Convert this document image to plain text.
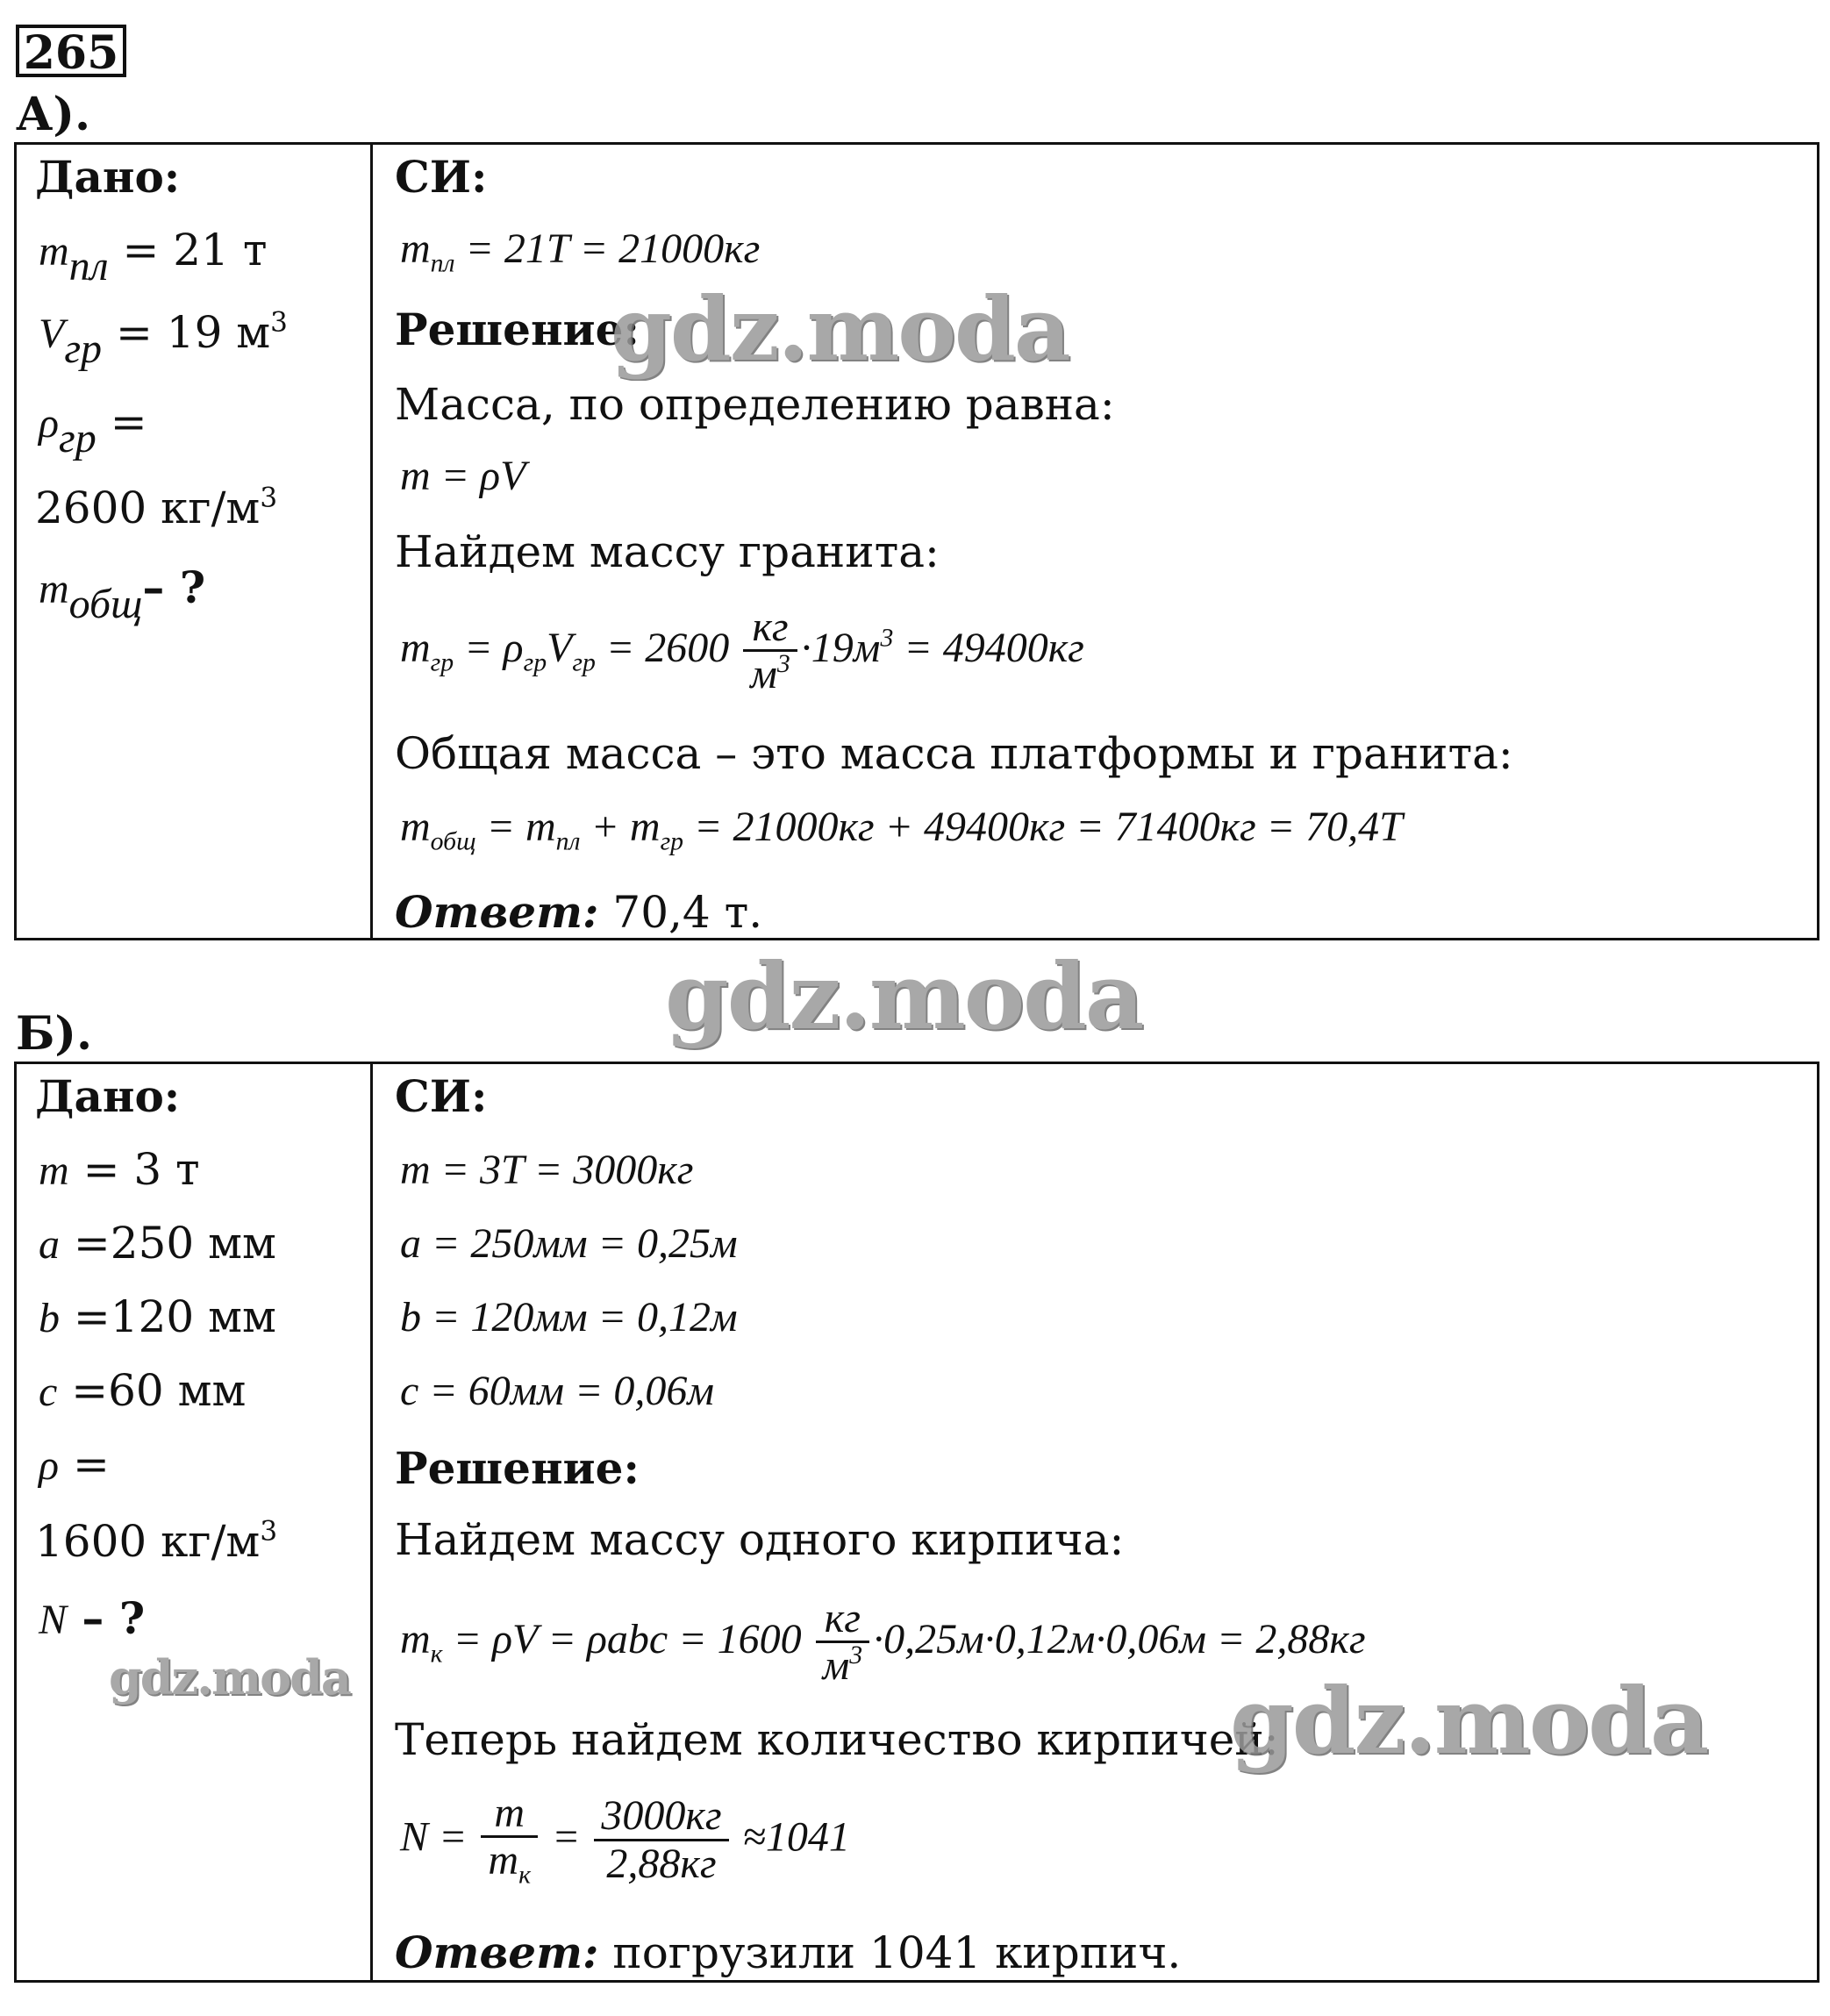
265
А).
Дано:
$m_{пл} = 21$ т
$V_{гр} = 19$ $м^3$
$\rho_{гр}$ =
2600 $кг/м^3$
$m_{общ}-$ ?
СИ:
$m_{пл} = 21T = 21000кг$
Решение:
Масса, по определению равна:
m = ρV
Найдем массу гранита:
$m_{гр} = \rho_{гр}V_{гр} = 2600 \frac{кг}{м^3} \cdot 19м^3 = 49400кг$
Общая масса – это масса платформы и гранита:
$m_{общ} = m_{пл} + m_{гр} = 21000кг + 49400кг = 71400кг = 70,4Т$
Ответ: 70,4 т.
gdz.moda
gdz.moda
Б).
Дано:
m = 3 т
a =250 мм
b =120 мм
c =60 мм
ρ =
1600 $кг/м^3$
N – ?
СИ:
m = 3T = 3000кг
a = 250мм = 0,25м
b = 120мм = 0,12м
c = 60мм = 0,06м
Решение:
Найдем массу одного кирпича:
$m_к = \rho V = \rho abc = 1600 \frac{кг}{м^3} \cdot 0,25м\cdot 0,12м\cdot 0,06м = 2,88кг$
Теперь найдем количество кирпичей:
$N = \frac{m}{m_к} = \frac{3000кг}{2,88кг} \approx 1041$
Ответ: погрузили 1041 кирпич.
gdz.moda	gdz.moda
